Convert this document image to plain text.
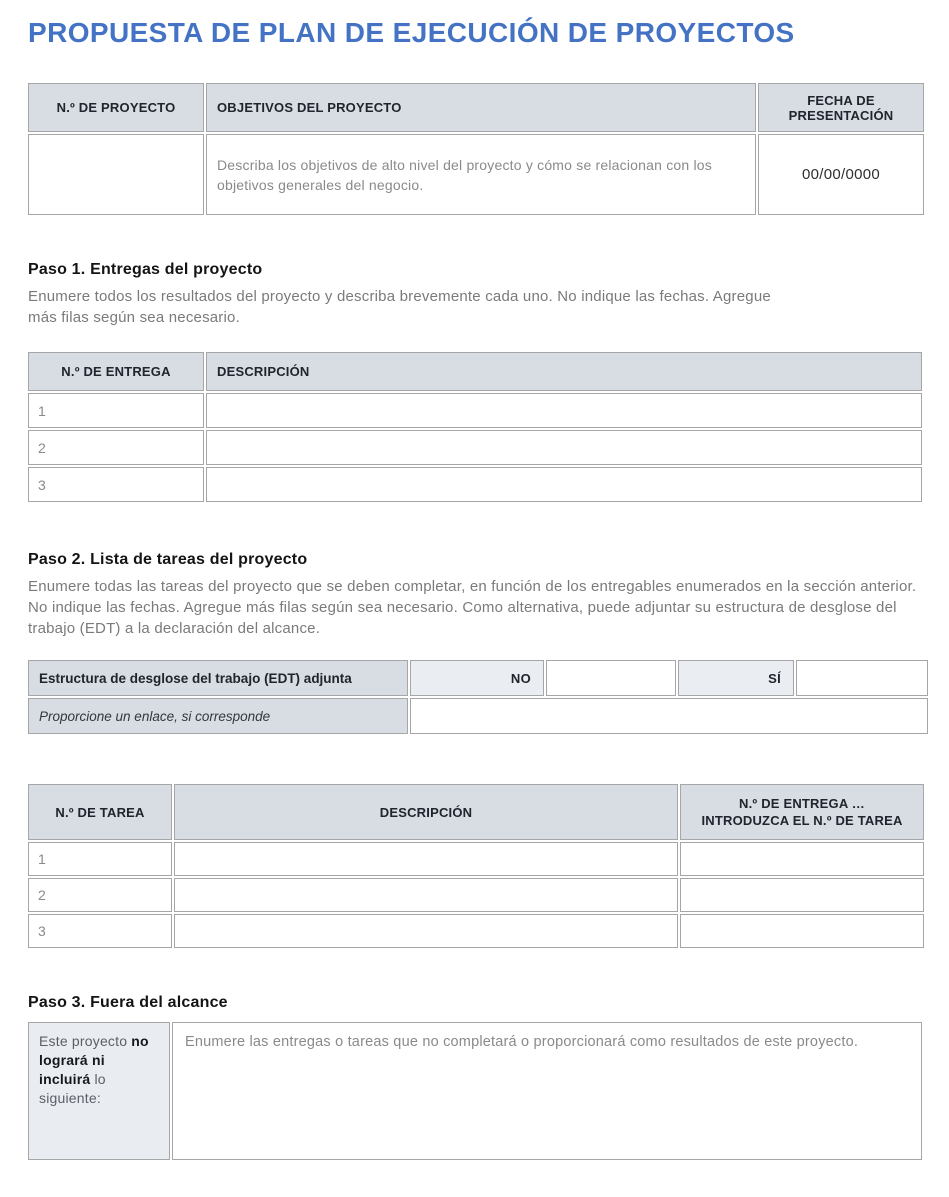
PROPUESTA DE PLAN DE EJECUCIÓN DE PROYECTOS
N.º DE PROYECTO	OBJETIVOS DEL PROYECTO	FECHA DE PRESENTACIÓN
	Describa los objetivos de alto nivel del proyecto y cómo se relacionan con los objetivos generales del negocio.	00/00/0000
Paso 1. Entregas del proyecto

Enumere todos los resultados del proyecto y describa brevemente cada uno. No indique las fechas. Agregue más filas según sea necesario.

N.º DE ENTREGA	DESCRIPCIÓN
1	
2	
3	
Paso 2. Lista de tareas del proyecto

Enumere todas las tareas del proyecto que se deben completar, en función de los entregables enumerados en la sección anterior. No indique las fechas. Agregue más filas según sea necesario. Como alternativa, puede adjuntar su estructura de desglose del trabajo (EDT) a la declaración del alcance.

Estructura de desglose del trabajo (EDT) adjunta	NO		SÍ	
Proporcione un enlace, si corresponde				
N.º DE TAREA	DESCRIPCIÓN	N.º DE ENTREGA …
INTRODUZCA EL N.º DE TAREA

1		
2		
3		
Paso 3. Fuera del alcance
Este proyecto no logrará ni incluirá lo siguiente:	Enumere las entregas o tareas que no completará o proporcionará como resultados de este proyecto.
